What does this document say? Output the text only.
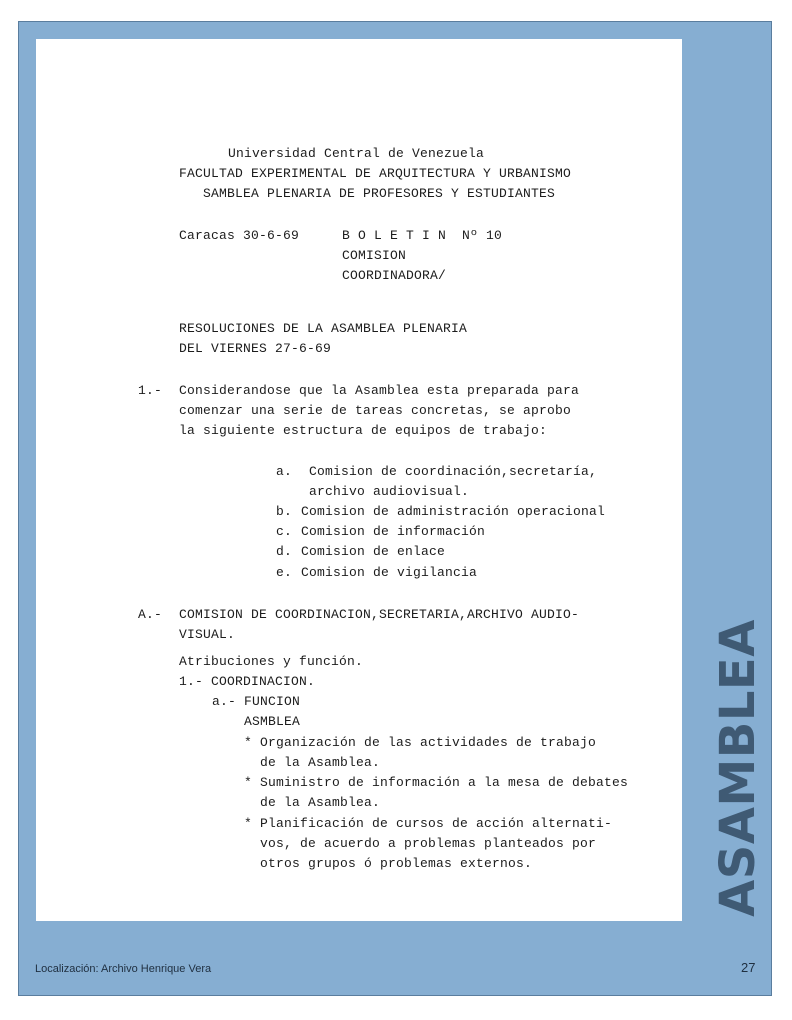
Universidad Central de Venezuela
FACULTAD EXPERIMENTAL DE ARQUITECTURA Y URBANISMO
SAMBLEA PLENARIA DE PROFESORES Y ESTUDIANTES
Caracas 30-6-69	B O L E T I N  Nº 10
COMISION
COORDINADORA/
RESOLUCIONES DE LA ASAMBLEA PLENARIA
DEL VIERNES 27-6-69
1.- Considerandose que la Asamblea esta preparada para
comenzar una serie de tareas concretas, se aprobo
la siguiente estructura de equipos de trabajo:
a. Comision de coordinación,secretaría,
archivo audiovisual.
b. Comision de administración operacional
c. Comision de información
d. Comision de enlace
e. Comision de vigilancia
A.- COMISION DE COORDINACION,SECRETARIA,ARCHIVO AUDIO-
VISUAL.
Atribuciones y función.
1.- COORDINACION.
a.- FUNCION
ASMBLEA
* Organización de las actividades de trabajo
de la Asamblea.
* Suministro de información a la mesa de debates
de la Asamblea.
* Planificación de cursos de acción alternati-
vos, de acuerdo a problemas planteados por
otros grupos ó problemas externos.	ASAMBLEA
Localización: Archivo Henrique Vera	27
